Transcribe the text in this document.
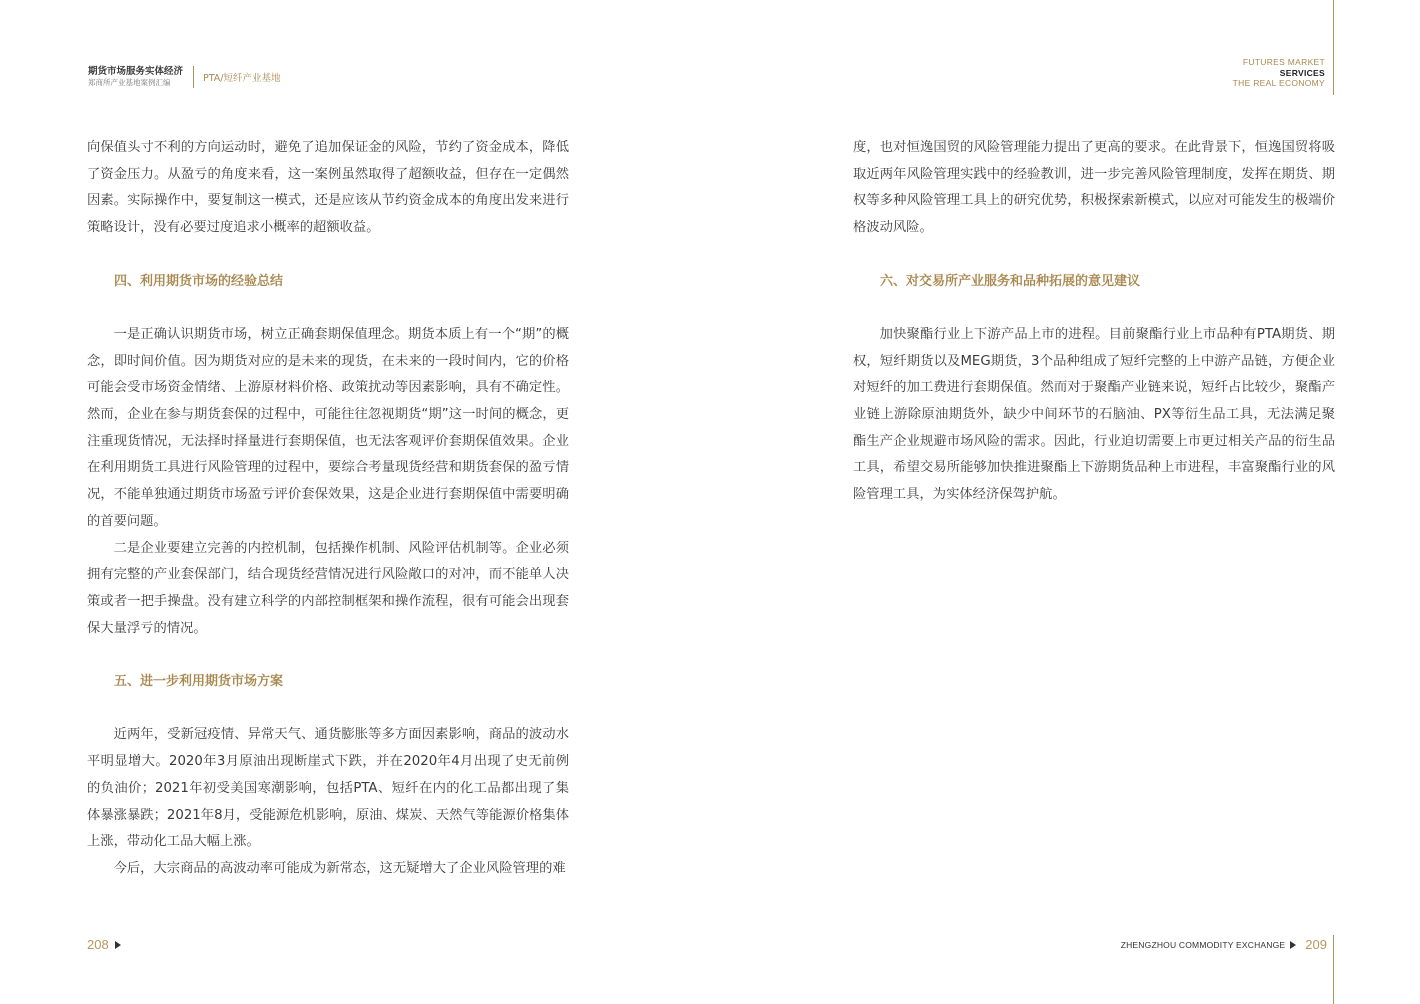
期货市场服务实体经济
郑商所产业基地案例汇编	PTA/短纤产业基地
FUTURES MARKET
SERVICES
THE REAL ECONOMY

向保值头寸不利的方向运动时，避免了追加保证金的风险，节约了资金成本，降低了资金压力。从盈亏的角度来看，这一案例虽然取得了超额收益，但存在一定偶然因素。实际操作中，要复制这一模式，还是应该从节约资金成本的角度出发来进行策略设计，没有必要过度追求小概率的超额收益。

四、利用期货市场的经验总结

一是正确认识期货市场，树立正确套期保值理念。期货本质上有一个“期”的概念，即时间价值。因为期货对应的是未来的现货，在未来的一段时间内，它的价格可能会受市场资金情绪、上游原材料价格、政策扰动等因素影响，具有不确定性。然而，企业在参与期货套保的过程中，可能往往忽视期货“期”这一时间的概念，更注重现货情况，无法择时择量进行套期保值，也无法客观评价套期保值效果。企业在利用期货工具进行风险管理的过程中，要综合考量现货经营和期货套保的盈亏情况，不能单独通过期货市场盈亏评价套保效果，这是企业进行套期保值中需要明确的首要问题。

二是企业要建立完善的内控机制，包括操作机制、风险评估机制等。企业必须拥有完整的产业套保部门，结合现货经营情况进行风险敞口的对冲，而不能单人决策或者一把手操盘。没有建立科学的内部控制框架和操作流程，很有可能会出现套保大量浮亏的情况。

五、进一步利用期货市场方案

近两年，受新冠疫情、异常天气、通货膨胀等多方面因素影响，商品的波动水平明显增大。2020年3月原油出现断崖式下跌，并在2020年4月出现了史无前例的负油价；2021年初受美国寒潮影响，包括PTA、短纤在内的化工品都出现了集体暴涨暴跌；2021年8月，受能源危机影响，原油、煤炭、天然气等能源价格集体上涨，带动化工品大幅上涨。

今后，大宗商品的高波动率可能成为新常态，这无疑增大了企业风险管理的难

度，也对恒逸国贸的风险管理能力提出了更高的要求。在此背景下，恒逸国贸将吸取近两年风险管理实践中的经验教训，进一步完善风险管理制度，发挥在期货、期权等多种风险管理工具上的研究优势，积极探索新模式，以应对可能发生的极端价格波动风险。

六、对交易所产业服务和品种拓展的意见建议

加快聚酯行业上下游产品上市的进程。目前聚酯行业上市品种有PTA期货、期权，短纤期货以及MEG期货，3个品种组成了短纤完整的上中游产品链，方便企业对短纤的加工费进行套期保值。然而对于聚酯产业链来说，短纤占比较少，聚酯产业链上游除原油期货外，缺少中间环节的石脑油、PX等衍生品工具，无法满足聚酯生产企业规避市场风险的需求。因此，行业迫切需要上市更过相关产品的衍生品工具，希望交易所能够加快推进聚酯上下游期货品种上市进程，丰富聚酯行业的风险管理工具，为实体经济保驾护航。

208	ZHENGZHOU COMMODITY EXCHANGE 209
